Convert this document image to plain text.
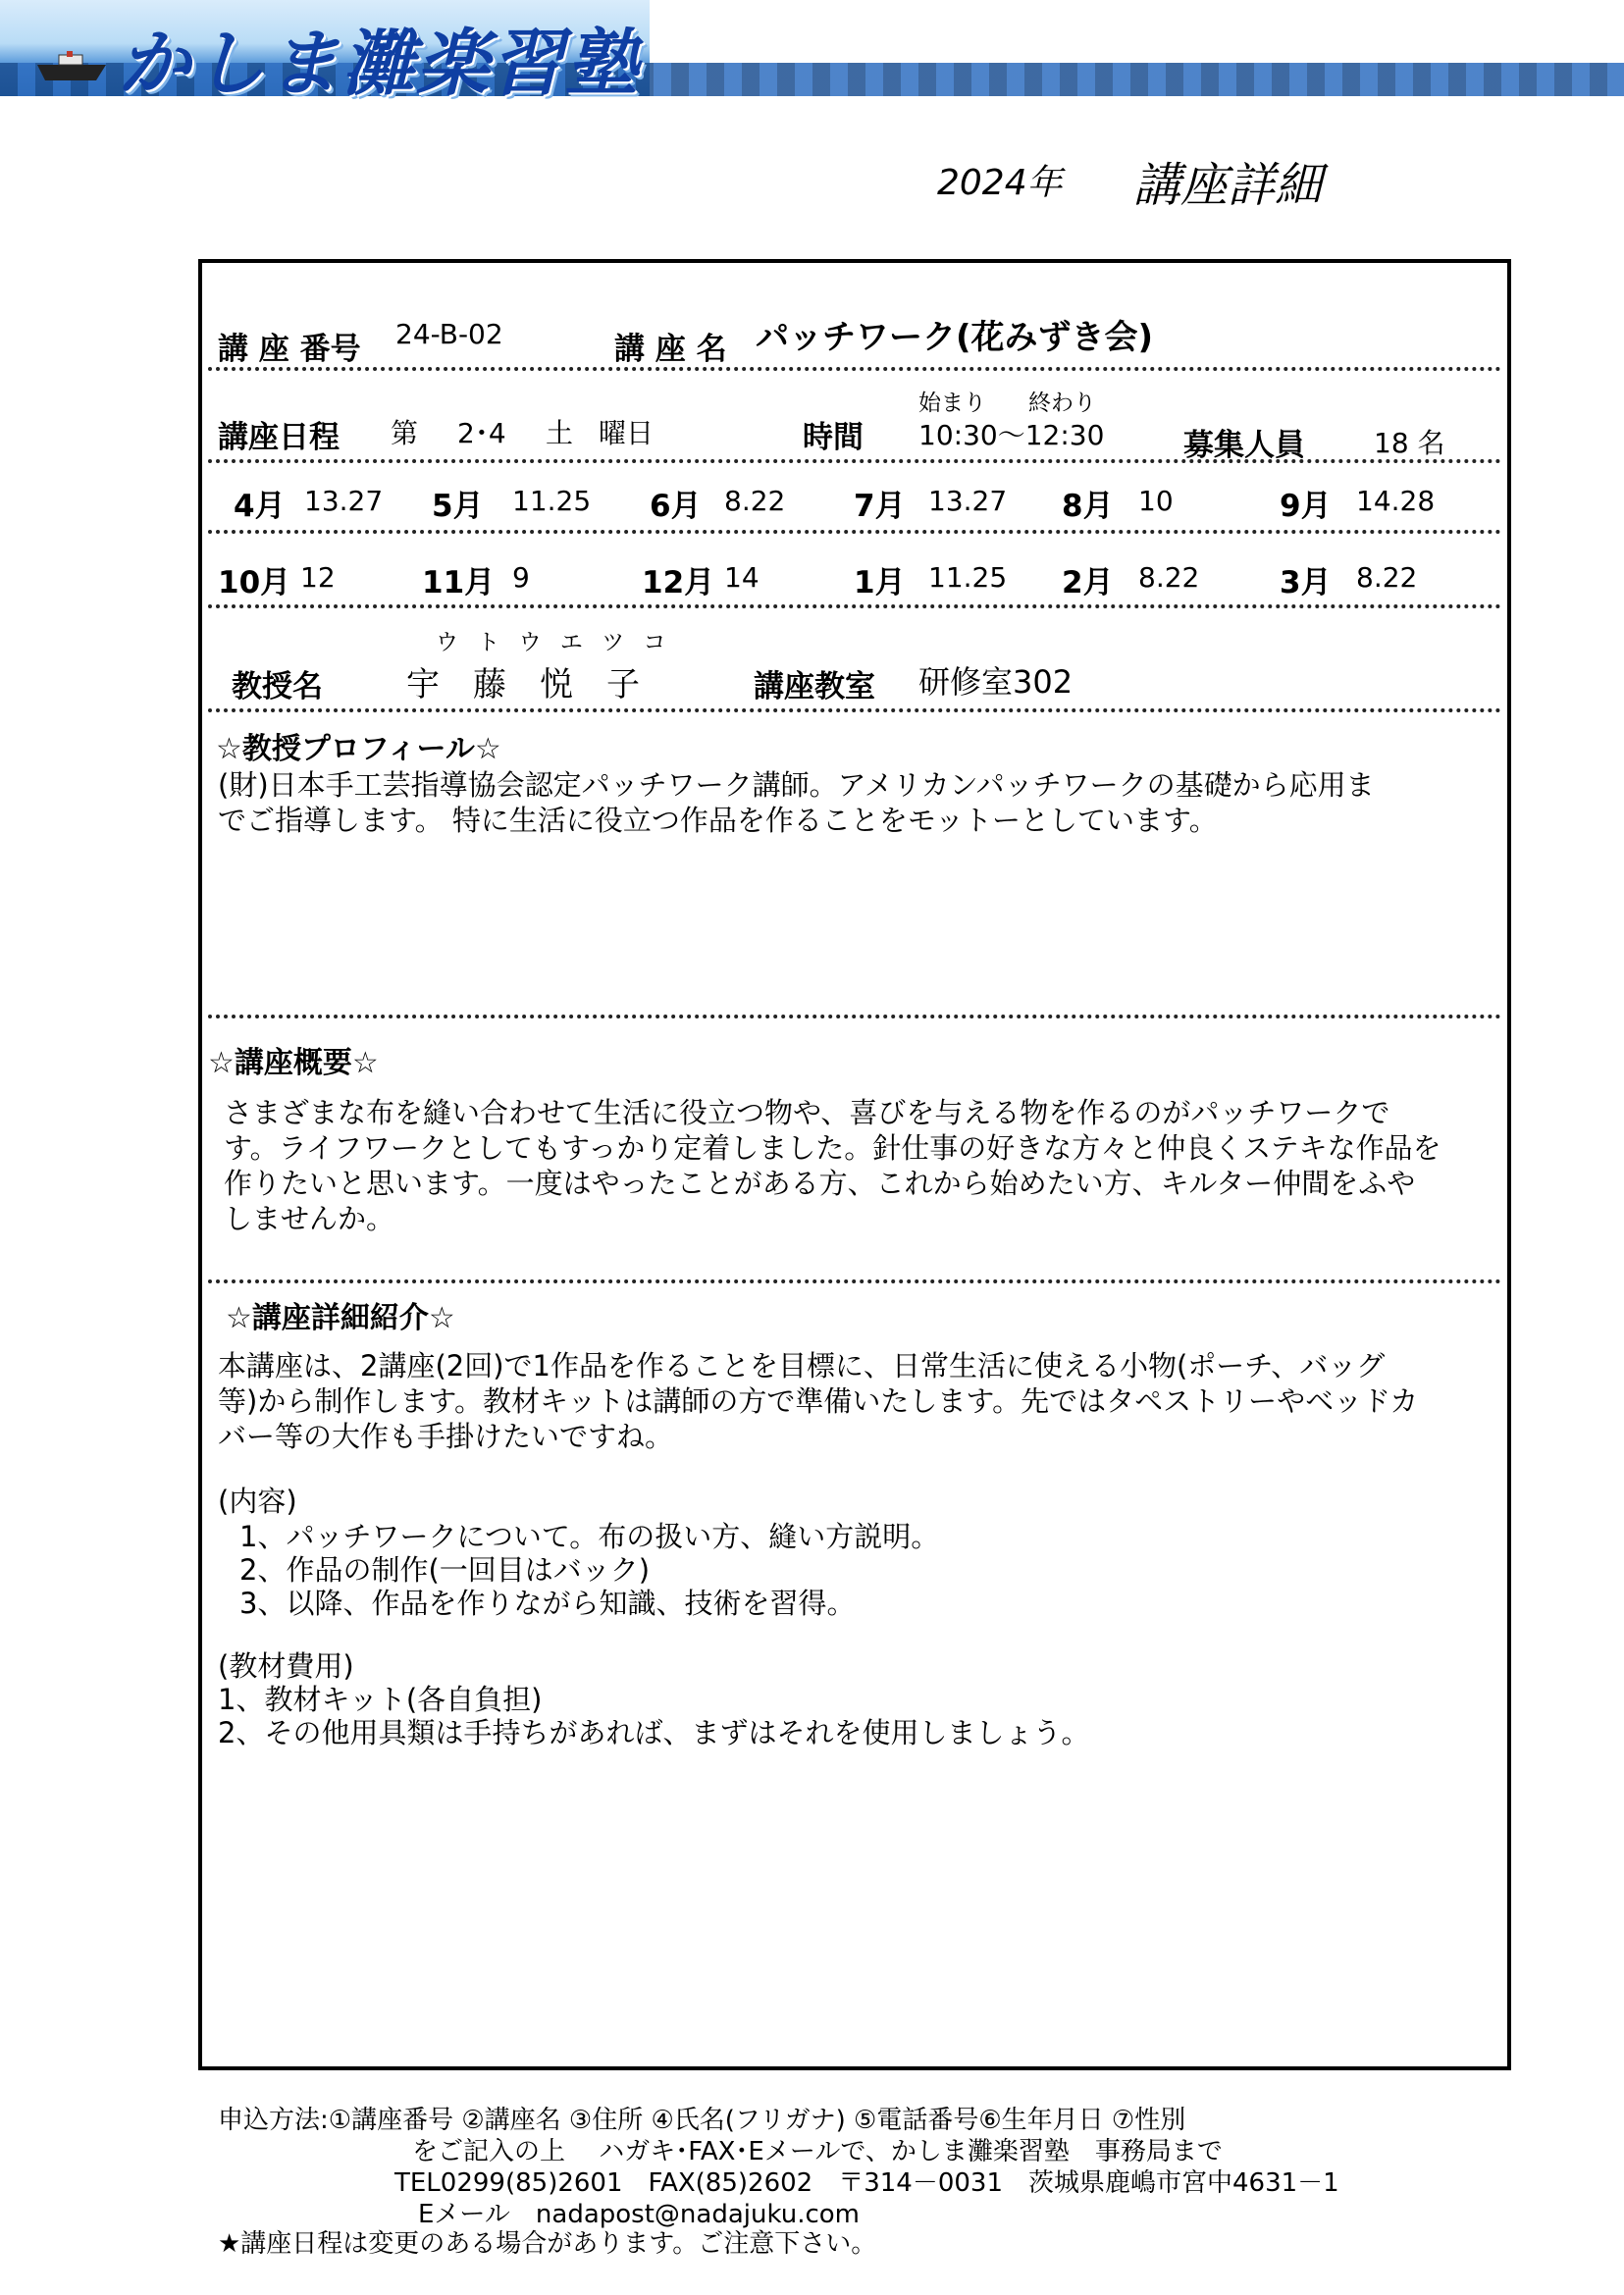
かしま灘楽習塾
2024年 講座詳細
講 座 番号 24-B-02	講 座 名 パッチワーク(花みずき会)
講座日程 第 2･4 土 曜日	時間
始まり 終わり
10:30～12:30	募集人員	18 名
4月 13.27 5月 11.25 6月 8.22 7月 13.27 8月 10	9月 14.28
10月 12	11月 9	12月 14	1月 11.25 2月 8.22	3月 8.22
ウ ト ウ エ ツ コ
教授名	宇　藤　悦　子	講座教室 研修室302
☆教授プロフィール☆
(財)日本手工芸指導協会認定パッチワーク講師。アメリカンパッチワークの基礎から応用ま
でご指導します。 特に生活に役立つ作品を作ることをモットーとしています。
☆講座概要☆
さまざまな布を縫い合わせて生活に役立つ物や、喜びを与える物を作るのがパッチワークで
す。ライフワークとしてもすっかり定着しました。針仕事の好きな方々と仲良くステキな作品を
作りたいと思います。一度はやったことがある方、これから始めたい方、キルター仲間をふや
しませんか。
☆講座詳細紹介☆
本講座は、2講座(2回)で1作品を作ることを目標に、日常生活に使える小物(ポーチ、バッグ
等)から制作します。教材キットは講師の方で準備いたします。先ではタペストリーやベッドカ
バー等の大作も手掛けたいですね。
(内容)
1、パッチワークについて。布の扱い方、縫い方説明。
2、作品の制作(一回目はバック)
3、以降、作品を作りながら知識、技術を習得。
(教材費用)
1、教材キット(各自負担)
2、その他用具類は手持ちがあれば、まずはそれを使用しましょう。
申込方法:①講座番号 ②講座名 ③住所 ④氏名(フリガナ) ⑤電話番号⑥生年月日 ⑦性別
をご記入の上　 ハガキ･FAX･Eメールで、かしま灘楽習塾　事務局まで
TEL0299(85)2601　FAX(85)2602　〒314－0031　茨城県鹿嶋市宮中4631－1
Eメール　nadapost@nadajuku.com
★講座日程は変更のある場合があります。ご注意下さい。
